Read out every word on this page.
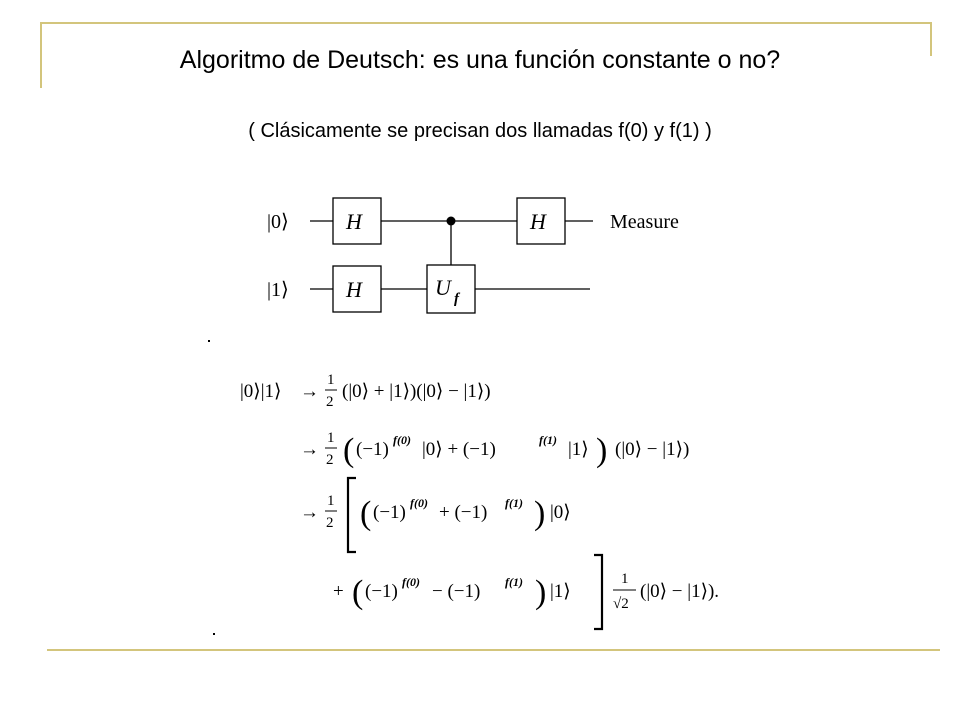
Algoritmo de Deutsch: es una función constante o no?
( Clásicamente se precisan dos llamadas f(0) y f(1) )
|0⟩
|1⟩
H
H
H
U f
Measure
|0⟩|1⟩ →
1
2 (|0⟩ + |1⟩)(|0⟩ − |1⟩)
→
1
2 ( (−1) f(0) |0⟩ + (−1)	f(1) |1⟩ ) (|0⟩ − |1⟩)
→
1
2 ( (−1) f(0) + (−1) f(1) ) |0⟩
+ ( (−1) f(0) − (−1) f(1) ) |1⟩
1
√2
(|0⟩ − |1⟩).
